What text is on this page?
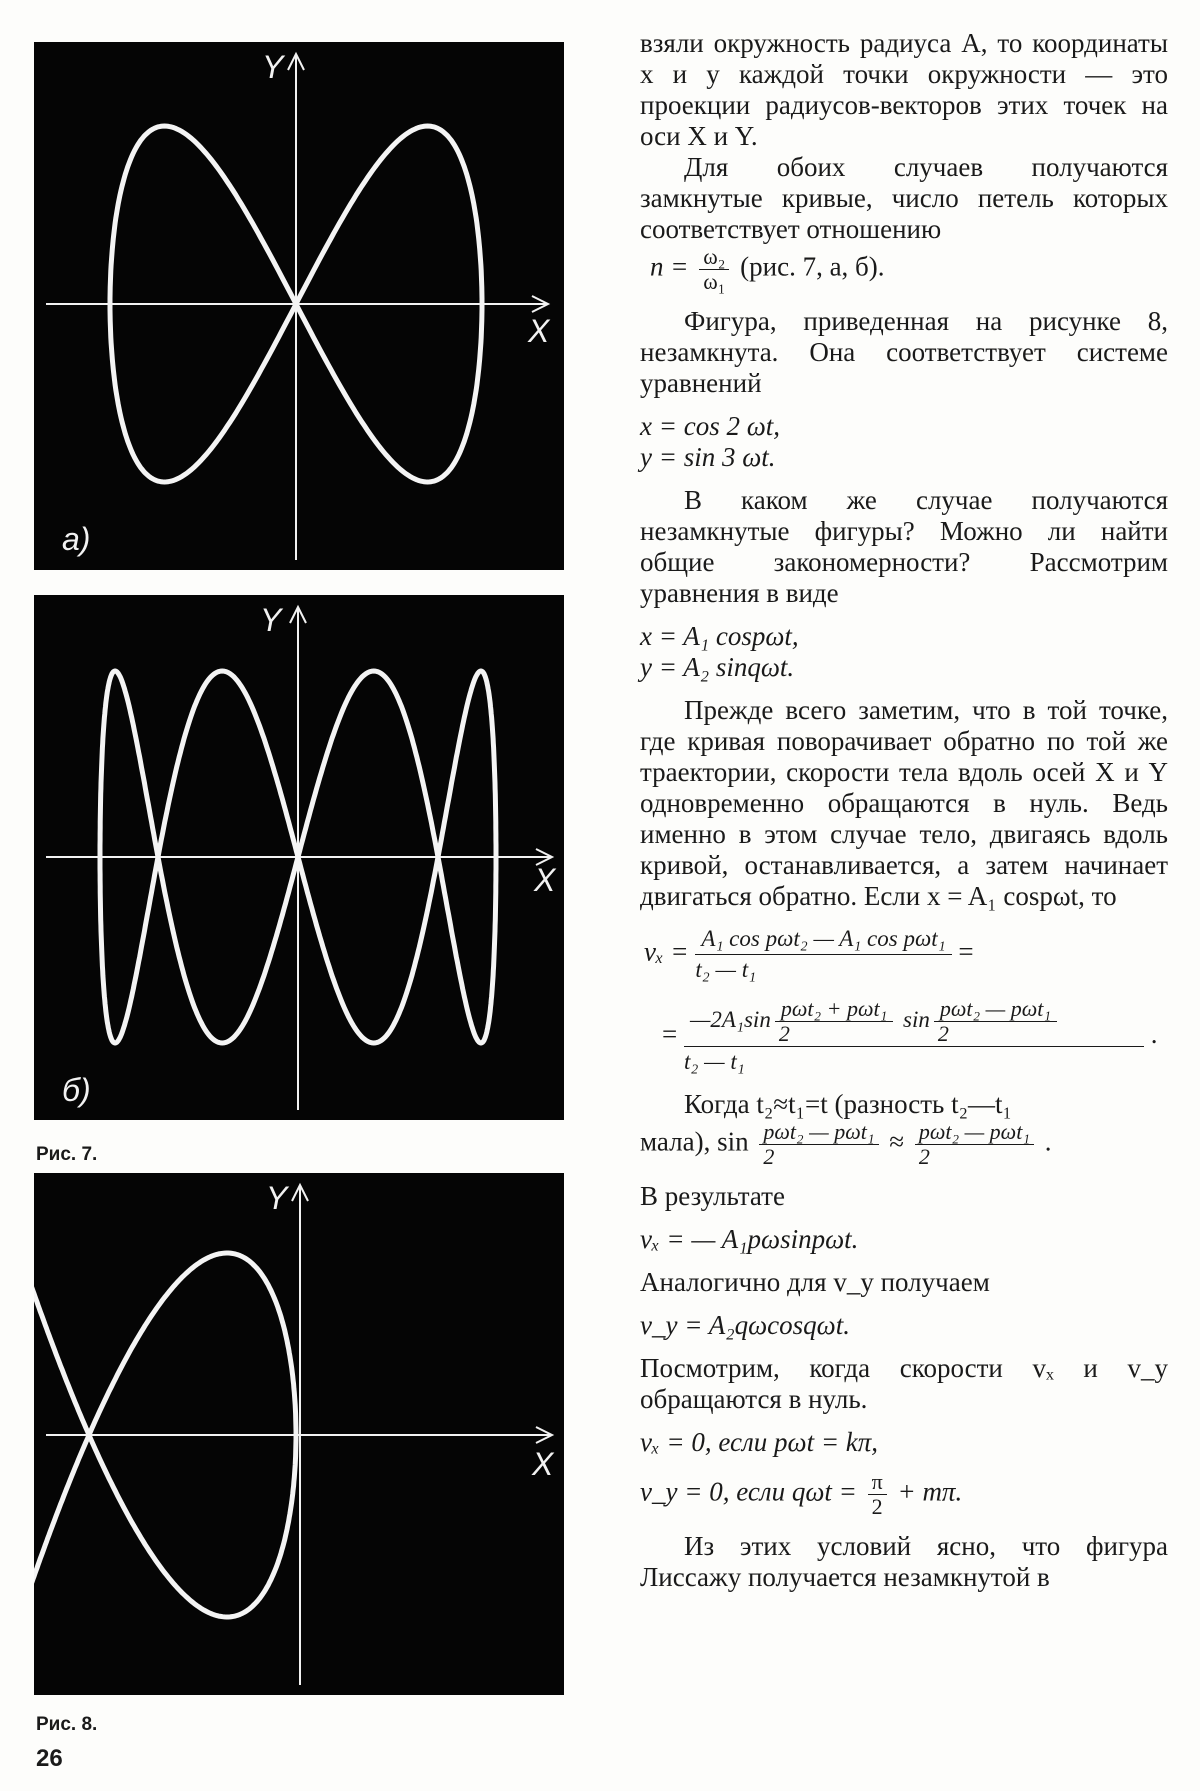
Y
X
а)
Y
X
б)
Рис. 7.
Y
X
Рис. 8.
26

взяли окружность радиуса A, то координаты x и y каждой точки окружности — это проекции радиусов-векторов этих точек на оси X и Y.

Для обоих случаев получаются замкнутые кривые, число петель которых соответствует отношению

$n = \frac{\text{ω₂}}{\text{ω₁}} (рис$. 7, а, б).

Фигура, приведенная на рисунке 8, незамкнута. Она соответствует системе уравнений

x = cos 2 ωt,

y = sin 3 ωt.

В каком же случае получаются незамкнутые фигуры? Можно ли найти общие закономерности? Рассмотрим уравнения в виде

x = A₁ cospωt,

y = A₂ sinqωt.

Прежде всего заметим, что в той точке, где кривая поворачивает обратно по той же траектории, скорости тела вдоль осей X и Y одновременно обращаются в нуль. Ведь именно в этом случае тело, двигаясь вдоль кривой, останавливается, а затем начинает двигаться обратно. Если x = A₁ cospωt, то

vₓ = A₁ cos pωt₂ — A₁ cos pωt₁
t₂ — t₁
=

= —2A₁sin $\frac{\text{pωt₂ + pωt₁}}{2}$ $\sin \frac{\text{pωt₂ — pωt₁}}{2}$
t₂ — t₁
.

Когда t₂≈t₁=t (разность t₂—t₁

мала), $\sin \frac{\text{pωt₂ — pωt₁}}{2} \approx \frac{\text{pωt₂ — pωt₁}}{2}$ .

В результате

vₓ = — A₁pωsinpωt.

Аналогично для v_y получаем

v_y = A₂qωcosqωt.

Посмотрим, когда скорости vₓ и v_y обращаются в нуль.

vₓ = 0, если pωt = kπ,

v_y = 0, если $q\omega t = \frac{\pi}{2} + m\pi$.

Из этих условий ясно, что фигура Лиссажу получается незамкнутой в
